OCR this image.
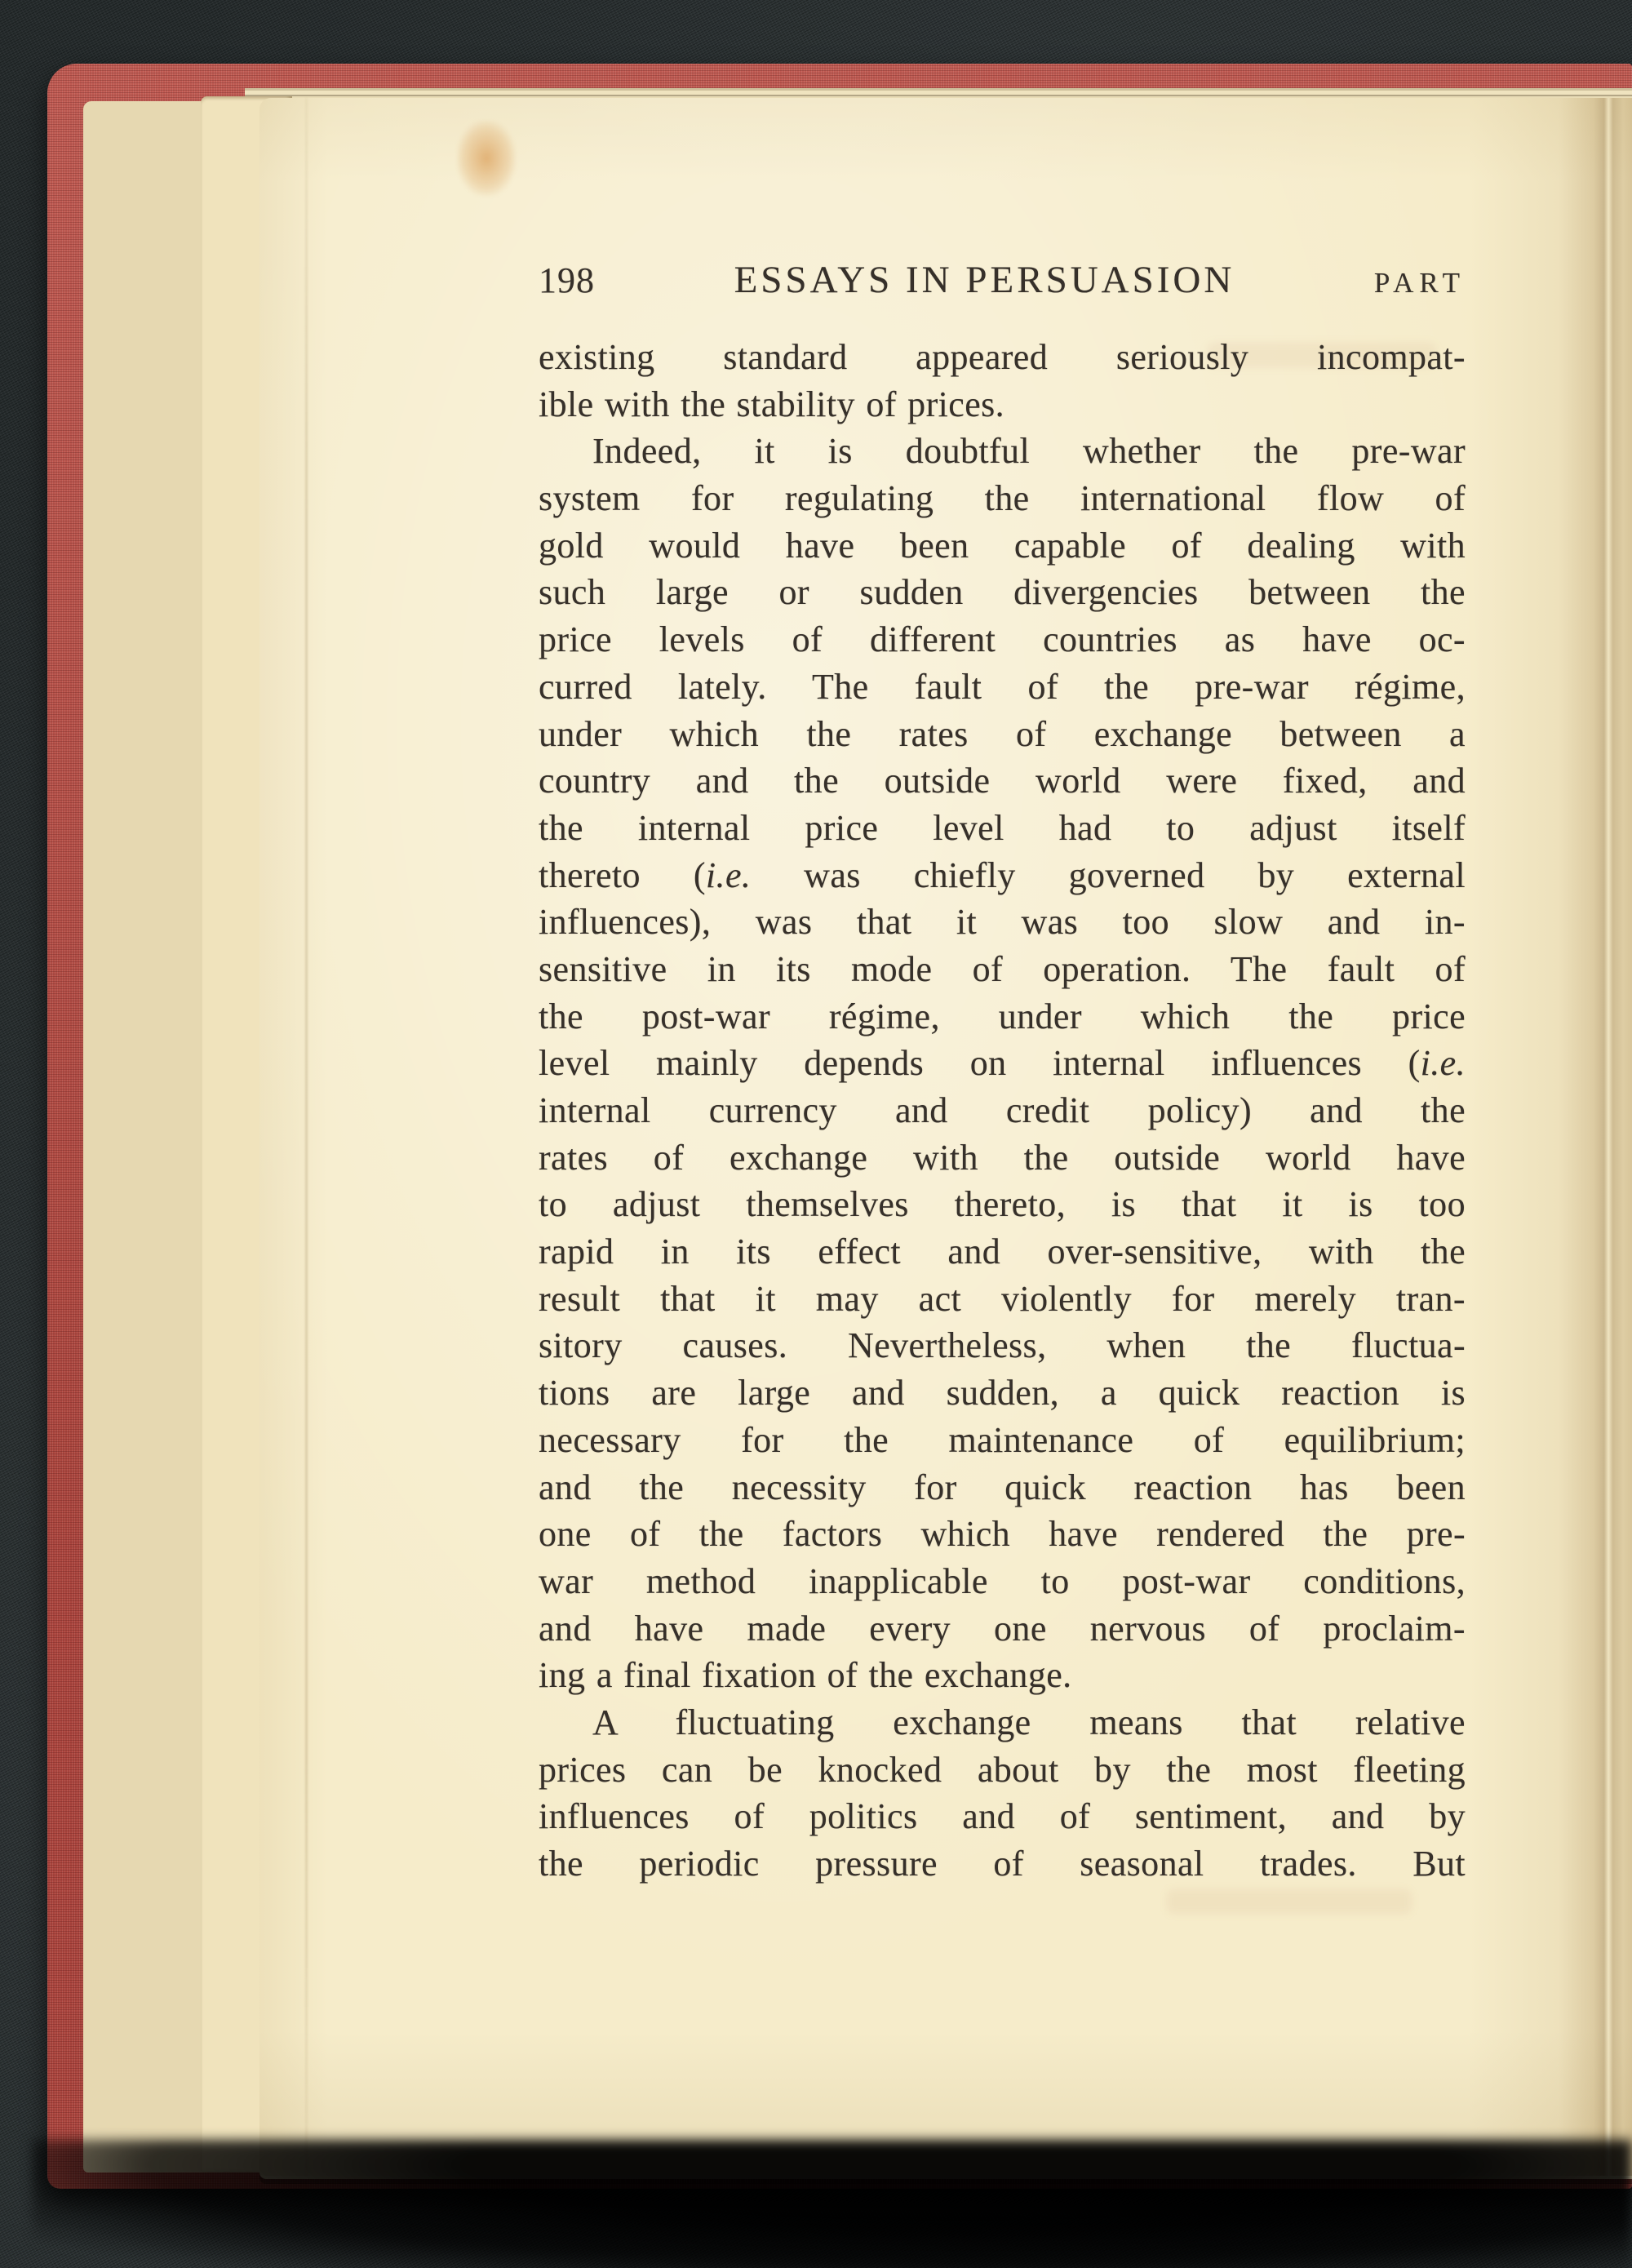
198	ESSAYS IN PERSUASION	PART
existing standard appeared seriously incompat-
ible with the stability of prices.
Indeed, it is doubtful whether the pre-war
system for regulating the international flow of
gold would have been capable of dealing with
such large or sudden divergencies between the
price levels of different countries as have oc-
curred lately. The fault of the pre-war régime,
under which the rates of exchange between a
country and the outside world were fixed, and
the internal price level had to adjust itself
thereto (i.e. was chiefly governed by external
influences), was that it was too slow and in-
sensitive in its mode of operation. The fault of
the post-war régime, under which the price
level mainly depends on internal influences (i.e.
internal currency and credit policy) and the
rates of exchange with the outside world have
to adjust themselves thereto, is that it is too
rapid in its effect and over-sensitive, with the
result that it may act violently for merely tran-
sitory causes. Nevertheless, when the fluctua-
tions are large and sudden, a quick reaction is
necessary for the maintenance of equilibrium;
and the necessity for quick reaction has been
one of the factors which have rendered the pre-
war method inapplicable to post-war conditions,
and have made every one nervous of proclaim-
ing a final fixation of the exchange.
A fluctuating exchange means that relative
prices can be knocked about by the most fleeting
influences of politics and of sentiment, and by
the periodic pressure of seasonal trades. But
